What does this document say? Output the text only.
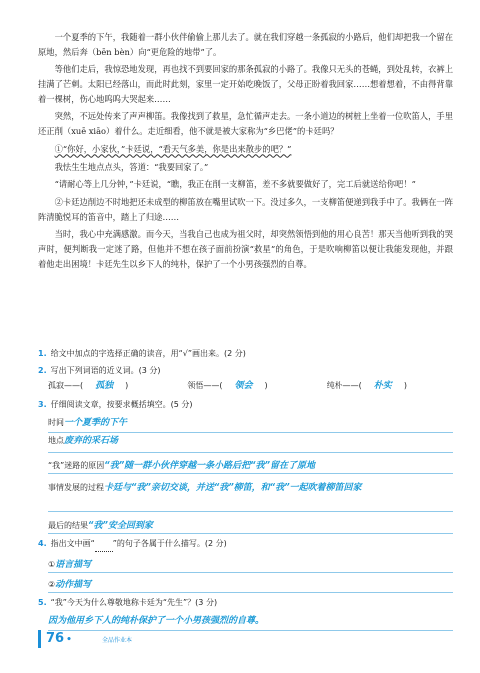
一个夏季的下午，我随着一群小伙伴偷偷上那儿去了。就在我们穿越一条孤寂的小路后，他们却把我一个留在原地，然后奔（bēn bèn）向“更危险的地带”了。

等他们走后，我惊恐地发现，再也找不到要回家的那条孤寂的小路了。我像只无头的苍蝇，到处乱转，衣裤上挂满了芒刺。太阳已经落山，而此时此刻，家里一定开始吃晚饭了，父母正盼着我回家……想着想着，不由得背靠着一棵树，伤心地呜呜大哭起来……

突然，不远处传来了声声柳笛。我像找到了救星，急忙循声走去。一条小道边的树桩上坐着一位吹笛人，手里还正削（xuē xiāo）着什么。走近细看，他不就是被大家称为“乡巴佬”的卡廷吗？

①“你好，小家伙，”卡廷说，“看天气多美，你是出来散步的吧？”

我怯生生地点点头，答道：“我要回家了。”

“请耐心等上几分钟，”卡廷说，“瞧，我正在削一支柳笛，差不多就要做好了，完工后就送给你吧！”

②卡廷边削边不时地把还未成型的柳笛放在嘴里试吹一下。没过多久，一支柳笛便递到我手中了。我俩在一阵阵清脆悦耳的笛音中，踏上了归途……

当时，我心中充满感激。而今天，当我自己也成为祖父时，却突然领悟到他的用心良苦！那天当他听到我的哭声时，便判断我一定迷了路，但他并不想在孩子面前扮演“救星”的角色，于是吹响柳笛以便让我能发现他，并跟着他走出困境！卡廷先生以乡下人的纯朴，保护了一个小男孩强烈的自尊。

1. 给文中加点的字选择正确的读音，用“√”画出来。(2 分)
2. 写出下列词语的近义词。(3 分)
孤寂——( 孤独 )	领悟——( 领会 )	纯朴——( 朴实 )
3. 仔细阅读文章，按要求概括填空。(5 分)
时间一个夏季的下午
地点废弃的采石场
“我”迷路的原因“我”随一群小伙伴穿越一条小路后把“我”留在了原地
事情发展的过程卡廷与“我”亲切交谈，并送“我”柳笛，和“我”一起吹着柳笛回家
最后的结果“我”安全回到家
4. 指出文中画“ ”的句子各属于什么描写。(2 分)
①语言描写
②动作描写
5. “我”今天为什么尊敬地称卡廷为“先生”？(3 分)
因为他用乡下人的纯朴保护了一个小男孩强烈的自尊。
76 •	全品作业本
